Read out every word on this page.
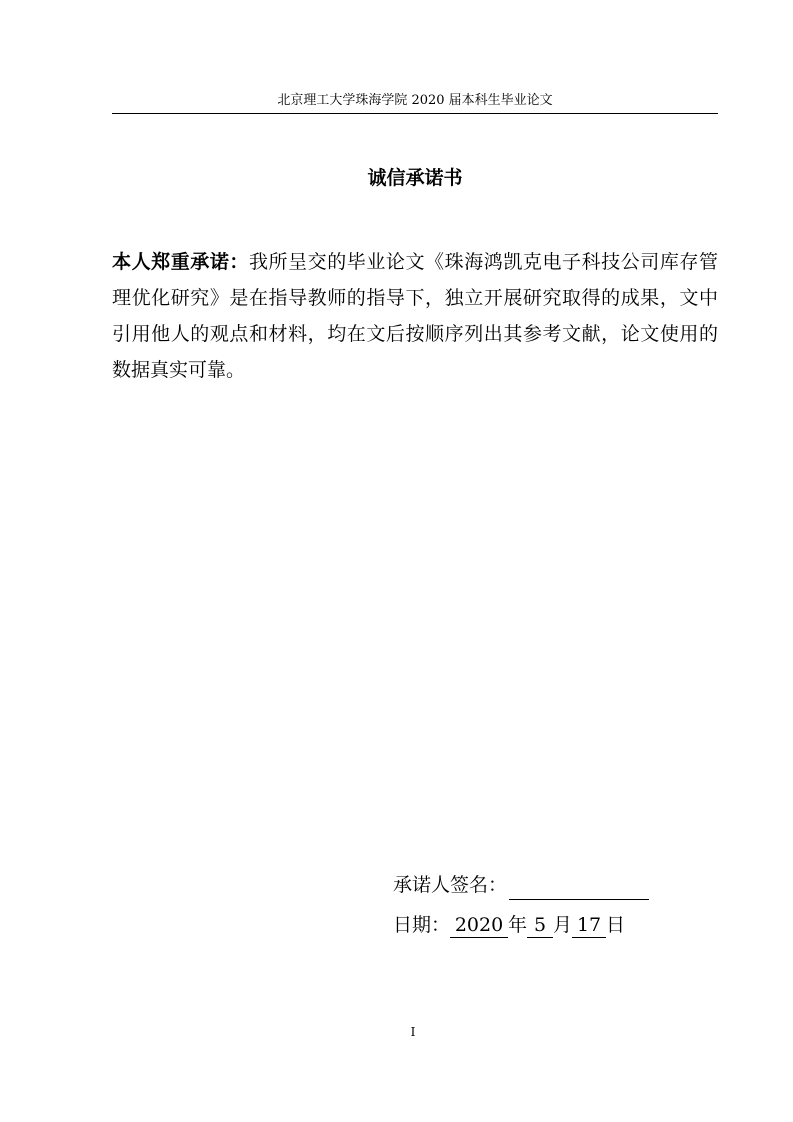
北京理工大学珠海学院 2020 届本科生毕业论文
诚信承诺书
本人郑重承诺：我所呈交的毕业论文《珠海鸿凯克电子科技公司库存管理优化研究》是在指导教师的指导下，独立开展研究取得的成果，文中引用他人的观点和材料，均在文后按顺序列出其参考文献，论文使用的数据真实可靠。
承诺人签名：
日期： 2020 年 5 月 17 日
I
